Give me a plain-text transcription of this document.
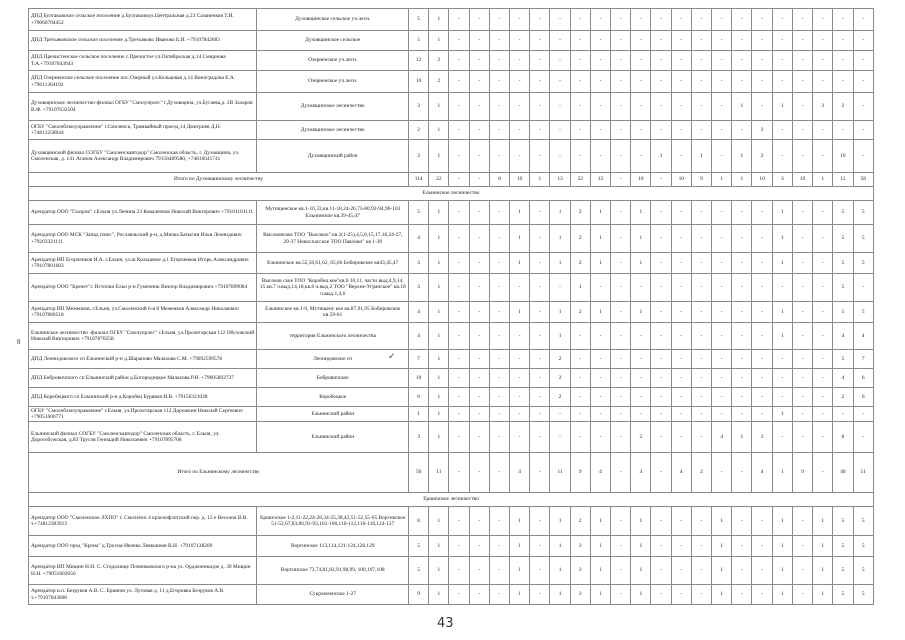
ДПД Булгаковское сельское поселение д.Булгаковоул.Центральная д.23 Сазаненков Т.И. +79066704452	Духовщинское сельское уч.лесн.	5	1	-	-	-	-	-	-	-	-	-	-	-	-	-	-	-	-	-	-	-	-	-
ДПД Третьяковское сельское поселение д.Третьяково Иванова Е.И. +79107842683	Духовщинское сельское	5	1	-	-	-	-	-	-	-	-	-	-	-	-	-	-	-	-	-	-	-	-	-
ДПД Пречистенское сельское поселение с.Пречистое ул.Октябрьская д.14 Смирнова Т.А.+79107843043	Озерненское уч.лесн.	12	2	-	-	-	-	-	-	-	-	-	-	-	-	-	-	-	-	-	-	-	-	-
ДПД Озерненское сельское поселение пос.Озерный ул.Кольцевая д.14 Виноградова Е.А. +79611364102	Озерненское уч.лесн.	10	2	-	-	-	-	-	-	-	-	-	-	-	-	-	-	-	-	-	-	-	-	-
Духовщинское лесничество-филиал ОГБУ "Смолупрлес" г.Духовщина, ул.Бугаева,д. 2В Захаров В.Ф. +79107633504	Духовщинское лесничество	3	1	-	-	-	-	-	-	-	-	-	-	-	-	-	-	1	-	1	-	3	2	-
ОГБУ "Смолоблмлуправление" г.Смоленск, Трамвайный проезд,14 Дмитриев Д.Н. +74812258044	Духовщинское лесничество	2	1	-	-	-	-	-	-	-	-	-	-	-	-	-	-	-	2	-	-	-	-	-
Духовщинский филиал СОГБУ "Смоленскавтодор" Смоленская область, г. Духовщина, ул. Смоленская, д. 141 Агапов Александр Владимирович 79156489580, +74816641741	Духовщинский район	3	1	-	-	-	-	-	-	-	-	-	-	1	-	1	-	1	2	-	-	-	10	-
Итого по Духовщинскому лесничеству		114	22	-	-	8	10	1	13	22	12	-	10	-	10	9	1	1	10	3	19	1	12	58
Ельнинское лесничество																								
Арендатор ООО "Глазрок" г.Ельня ул.Ленина 23 Коваленков Николай Викторович +79101161111	Мутищенское кв.1-10,33,кв.11-18,24-26,73-80,92-94,96-103 Ельнинское кв.39-45,47	5	1	-	-	-	1	-	1	2	1	-	1	-	-	-	-	-	-	1	-	-	5	5
Арендатор ООО МСК "Запад плюс", Рославльский р-н, д.Мячка Батыгин Илья Леонидович +79203321111	Высоковское ТОО "Высокое" кв.1(1-25),4,5,8,15,17,18,24-27, 29-37 Новоспасское ТОО Павлово" кв 1-39	4	1	-	-	-	1	-	1	2	1	-	1	-	-	-	-	-	-	1	-	-	5	5
Арендатор ИП Егорченков И.А. г.Ельня, ул.ш Кольцевое д.1 Егорченков Игорь Александрович +79107801683	Ельнинское кв.55,56,61,62, 65,66 Бобировское кв43,45,47	3	1	-	-	-	1	-	1	2	1	-	1	-	-	-	-	-	-	1	-	-	5	5
Арендатор ООО "Кречет"г. Истопки Ельн р-н Гуменник Виктор Владимирович +79107899084	Высоков ское ТОО "Коробец кое"кв.6 10,11, части выд.4,9,14, 15 кв.7 ч.выд.14,18,кв.8 ч.выд.2 ТОО "Верхне-Угранское" кв.18 ч.выд.1,4,6	3	1	-	-	-	-	-	-	1	-	-	-	-	-	-	-	-	-	-	-	-	5	-
Арендатор ИП Меженков, г.Ельня, ул.Смоленский 6-я 8 Меженков Александр Николаевич +79107860518	Ельнинское кв.1-9, Мутищенс кое кв.87,91,95 Бобировское кв.59-61	4	1	-	-	-	1	-	1	2	1	-	1	-	-	-	-	-	-	1	-	-	5	5
Ельнинское лесничество -филиал ОГБУ "Смолупрлес" г.Ельня, ул.Пролетарская 112 Обуховский Николай Викторович +79107870258	территория Ельнинского лесничества	4	1	-	-	-	-	-	1	-	-	-	-	-	-	-	-	-	-	1	-	-	4	4
ДПД Леонидовского сп Ельнинский р-н д.Шарапово Малахова С.М. +79092599578	Леонидовское сп	7	1	-	-	-	-	-	2	-	-	-	-	-	-	-	-	-	-	-	-	-	5	7
ДПД Бобровичского сп Ельнинский район д.Богородицкое Малахова Р.Н. +79605892737	Бобровичское	10	1	-	-	-	-	-	2	-	-	-	-	-	-	-	-	-	-	-	-	-	4	6
ДПД Коробецкого сп Ельнинский р-н д.Коробец Буряков И.В. +79156321028	Коробецкое	6	1	-	-	-	-	-	2	-	-	-	-	-	-	-	-	-	-	-	-	-	2	6
ОГБУ "Смолоблмлуправление" г.Ельня, ул.Пролетарская 112 Дорожкин Николай Сергеевич +79051600771	Ельнинский район	1	1	-	-	-	-	-	-	-	-	-	-	-	-	-	-	-	-	1	-	-	-	-
Ельнинский филиал СОГБУ "Смоленскавтодор" Смоленская область, г. Ельня, ул. Дорогобужская, д.83 Трусов Геннадий Николаевич +79107895768	Ельнинский район	3	1	-	-	-	-	-	-	-	-	-	2	-	-	-	4	1	3	-	-	-	8	-
Итого по Ельнинскому лесничеству		50	11	-	-	-	4	-	11	9	4	-	4	-	4	2	-	-	4	1	9	-	40	51
Ершичское лесничество																								
Арендатор ООО "Смоленское ЛХПО" г. Смоленск 4 краснофлотский пер. д. 15 е Веселов В.В. т.+74812383913	Ершичское 1-2,11-22,24-28,34-35,38,42,51-52,55-65 Воргинское 51-52,67,83,86,92-93,101-106,110-112,116-118,124-127	8	1	-	-	-	1	-	1	2	1	-	1	-	-	-	1	-	-	1	-	1	5	5
Арендатор ООО пред "Крона" д.Тросна-Ивлево Левкоинов В.Н. +79107138269	Воргинское 113,114,121-124,128,129	5	1	-	-	-	1	-	1	2	1	-	1	-	-	-	1	-	-	1	-	1	5	5
Арендатор ИП Мищин Н.Н. С. Стодолище Починковского р-на ул. Орджоникидзе д. 39 Мищин Н.Н. +79051602656	Воргинское 73,74,81,82,91,98,99, 100,107,108	5	1	-	-	-	1	-	1	2	1	-	1	-	-	-	1	-	-	1	-	1	5	5
Арендатор и.п. Безруков А.В. С. Ершичи ул. Луговая д. 11 д.Егоровка Безруков А.В. т.+79107843008	Сукромленское 1-27	9	1	-	-	-	1	-	1	2	1	-	1	-	-	-	1	-	-	1	-	1	5	5
8
✓
43
